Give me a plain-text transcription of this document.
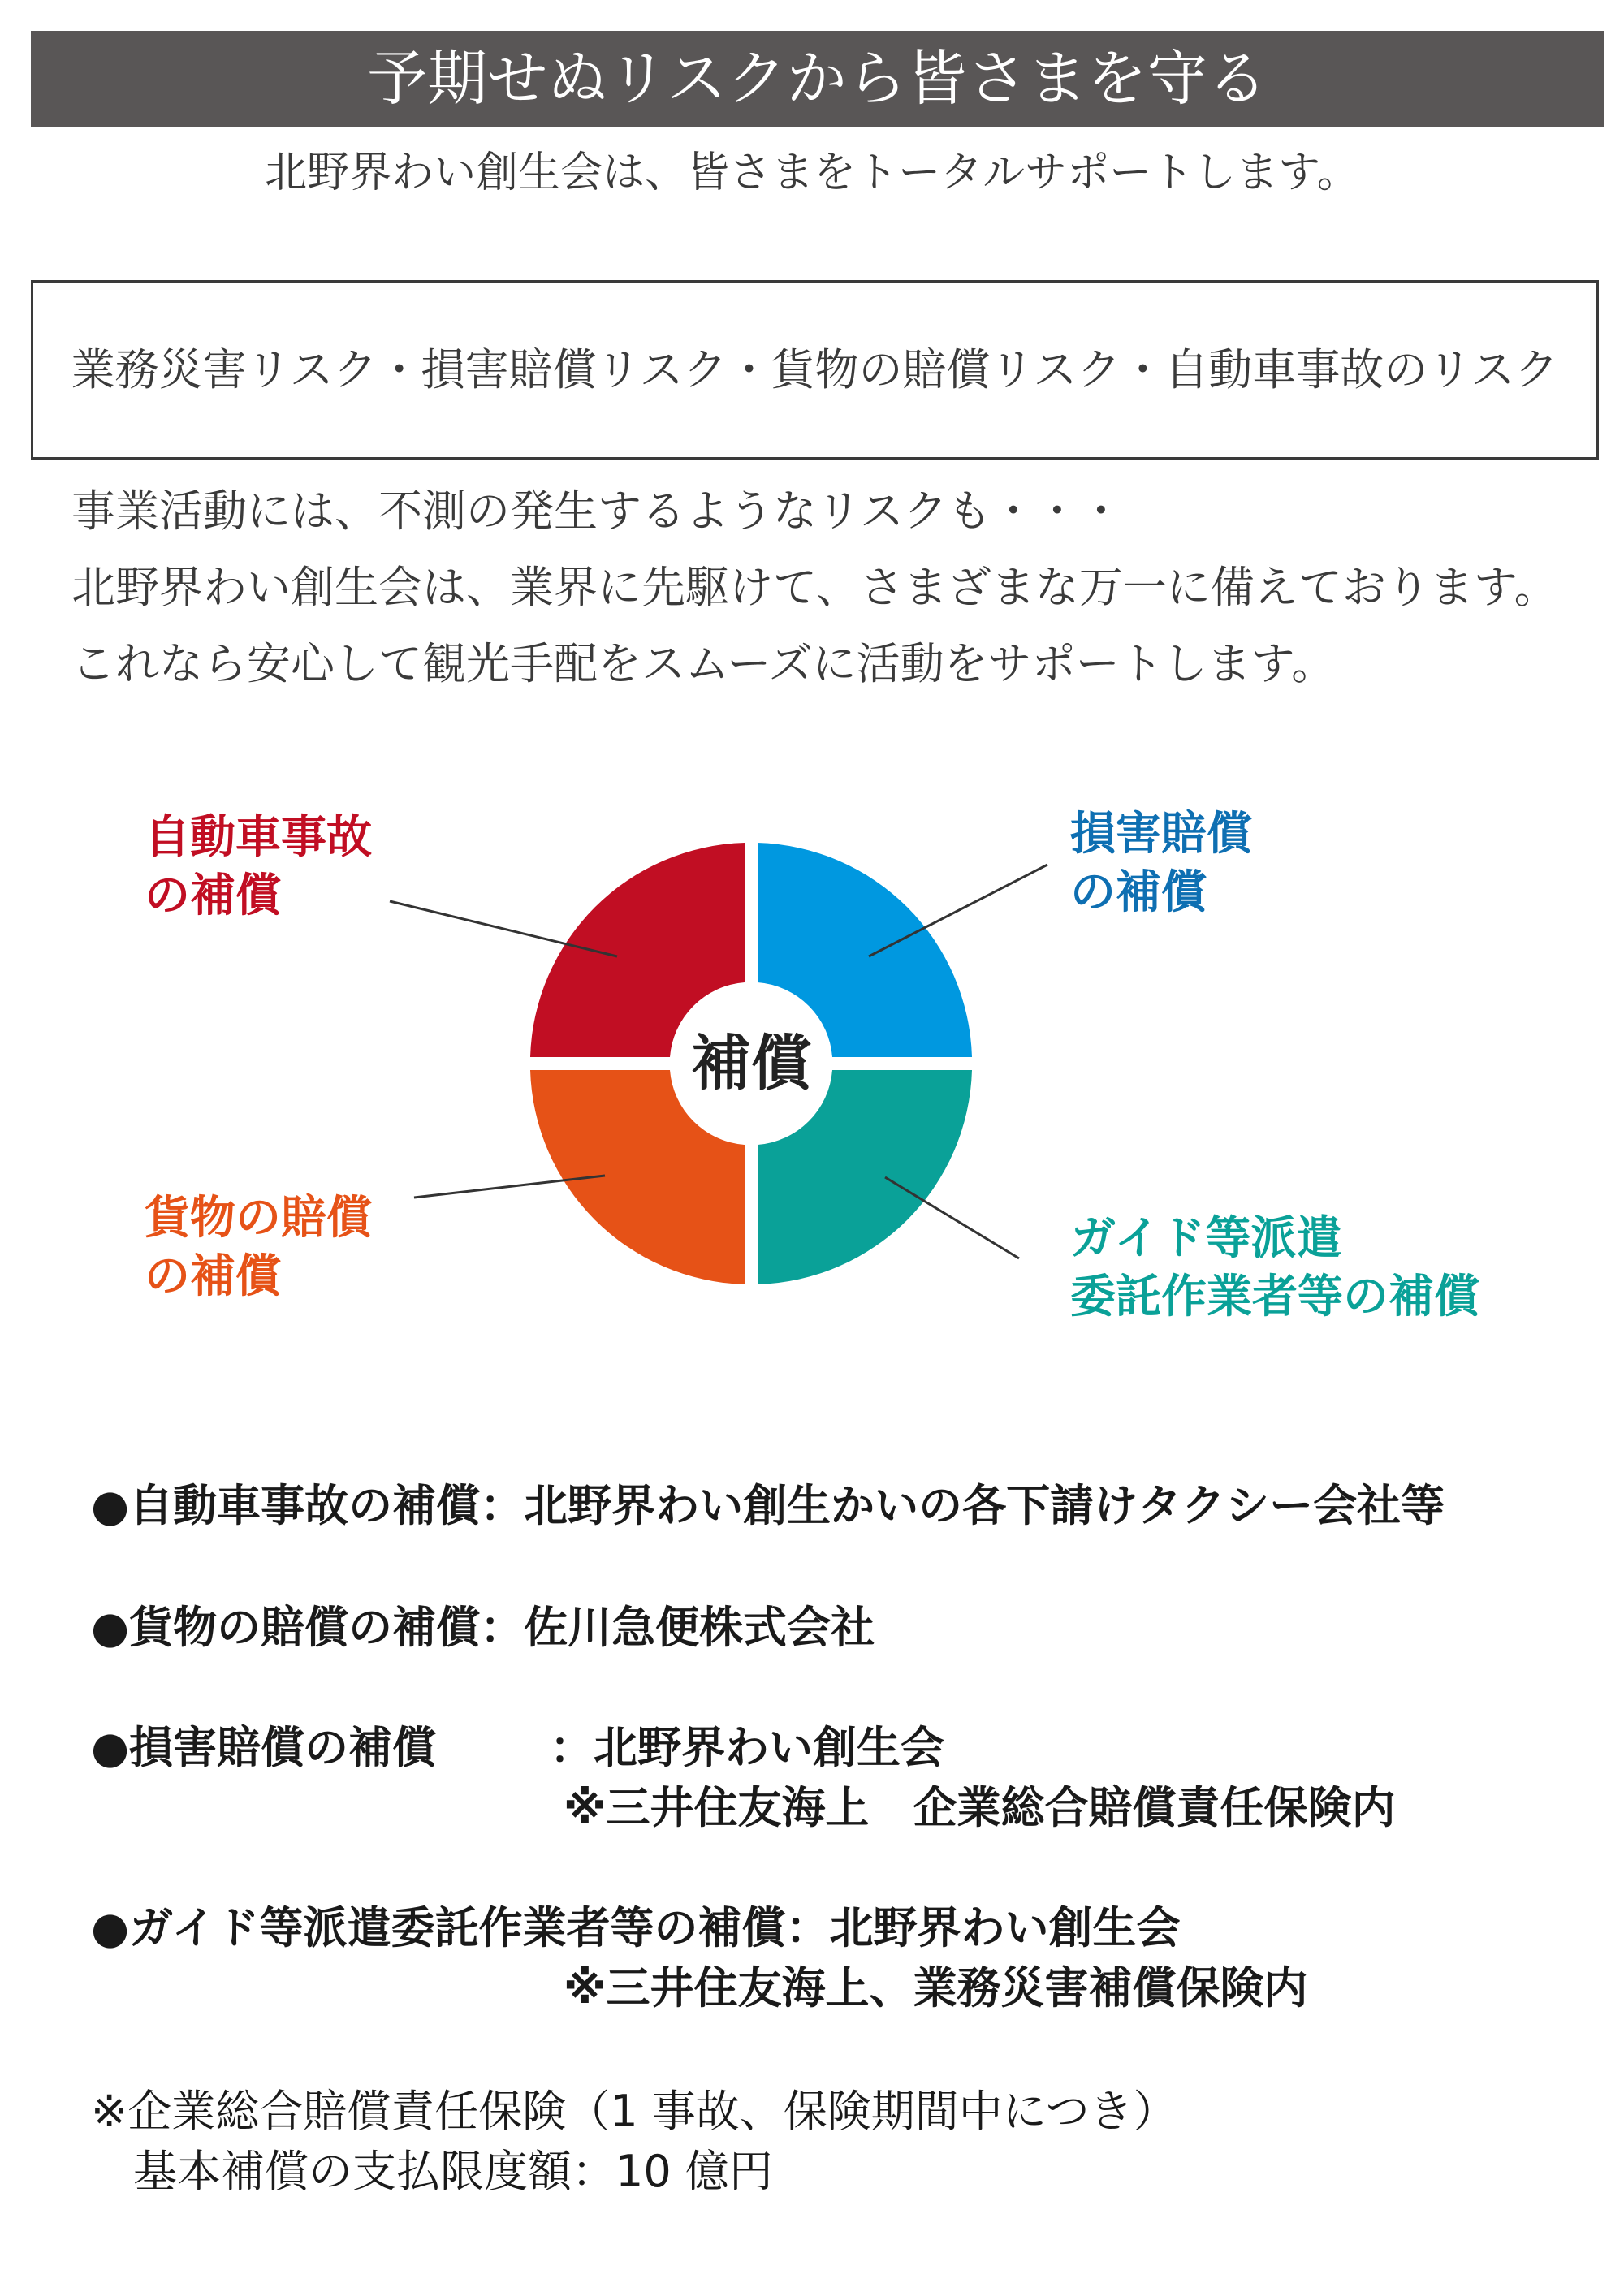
予期せぬリスクから皆さまを守る
北野界わい創生会は、皆さまをトータルサポートします。
業務災害リスク・損害賠償リスク・貨物の賠償リスク・自動車事故のリスク
事業活動には、不測の発生するようなリスクも・・・
北野界わい創生会は、業界に先駆けて、さまざまな万一に備えております。
これなら安心して観光手配をスムーズに活動をサポートします。
補償
自動車事故
の補償
損害賠償
の補償
貨物の賠償
の補償
ガイド等派遣
委託作業者等の補償
●自動車事故の補償：北野界わい創生かいの各下請けタクシー会社等
●貨物の賠償の補償：佐川急便株式会社
●損害賠償の補償	：北野界わい創生会
※三井住友海上　企業総合賠償責任保険内
●ガイド等派遣委託作業者等の補償：北野界わい創生会
※三井住友海上、業務災害補償保険内
※企業総合賠償責任保険（1 事故、保険期間中につき）
基本補償の支払限度額：10 億円
